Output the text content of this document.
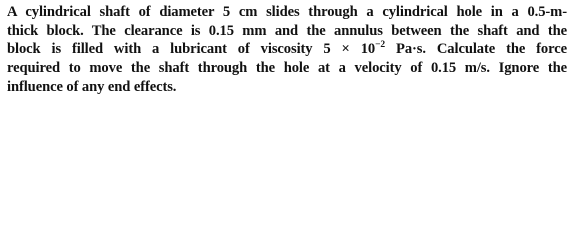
A cylindrical shaft of diameter 5 cm slides through a cylindrical hole in a 0.5-m-
thick block. The clearance is 0.15 mm and the annulus between the shaft and the
block is filled with a lubricant of viscosity $5 \times 10^{-2}$ Pa·s. Calculate the force
required to move the shaft through the hole at a velocity of 0.15 m/s. Ignore the
influence of any end effects.
